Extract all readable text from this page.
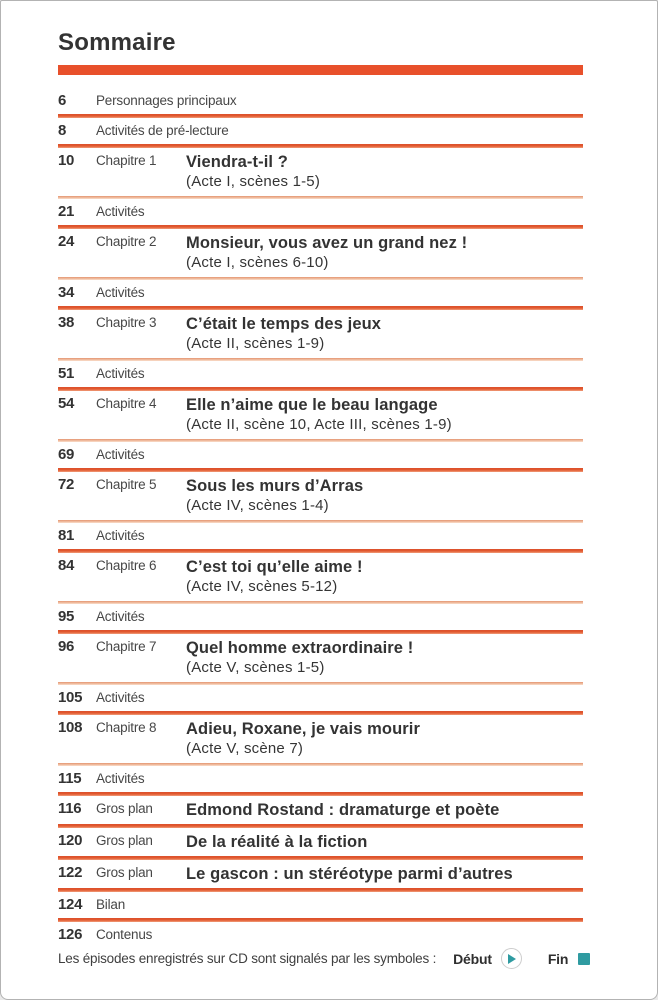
Sommaire
6	Personnages principaux
8	Activités de pré-lecture
10	Chapitre 1	Viendra-t-il ?
(Acte I, scènes 1-5)
21	Activités
24	Chapitre 2	Monsieur, vous avez un grand nez !
(Acte I, scènes 6-10)
34	Activités
38	Chapitre 3	C’était le temps des jeux
(Acte II, scènes 1-9)
51	Activités
54	Chapitre 4	Elle n’aime que le beau langage
(Acte II, scène 10, Acte III, scènes 1-9)
69	Activités
72	Chapitre 5	Sous les murs d’Arras
(Acte IV, scènes 1-4)
81	Activités
84	Chapitre 6	C’est toi qu’elle aime !
(Acte IV, scènes 5-12)
95	Activités
96	Chapitre 7	Quel homme extraordinaire !
(Acte V, scènes 1-5)
105	Activités
108	Chapitre 8	Adieu, Roxane, je vais mourir
(Acte V, scène 7)
115	Activités
116	Gros plan	Edmond Rostand : dramaturge et poète
120	Gros plan	De la réalité à la fiction
122	Gros plan	Le gascon : un stéréotype parmi d’autres
124	Bilan
126	Contenus
Les épisodes enregistrés sur CD sont signalés par les symboles : Début	Fin
